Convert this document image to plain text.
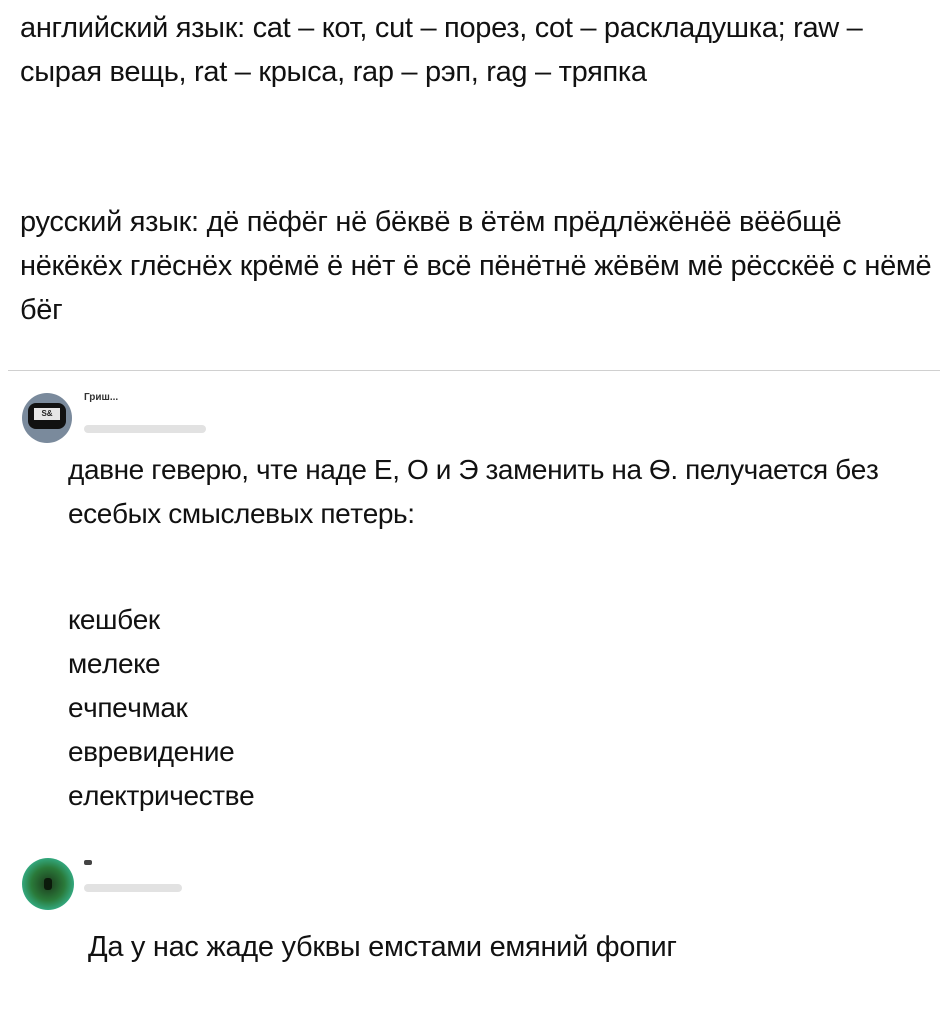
английский язык: cat – кот, cut – порез, cot – раскладушка; raw – сырая вещь, rat – крыса, rap – рэп, rag – тряпка
русский язык: дё пёфёг нё бёквё в ётём прёдлёжёнёё вёёбщё нёкёкёх глёснёх крёмё ё нёт ё всё пёнётнё жёвём мё рёсскёё с нёмё бёг
S&
Гриш...
давне гeверю, чтe наде Е, О и Э заменить на Ѳ. пелучается бeз eсeбых смыслeвых пeтeрь:
кeшбeк
мeлeкe
eчпeчмак
eврeвидение
eлeктричествe
Да у нас жаде убквы емстами емяний фопиг
